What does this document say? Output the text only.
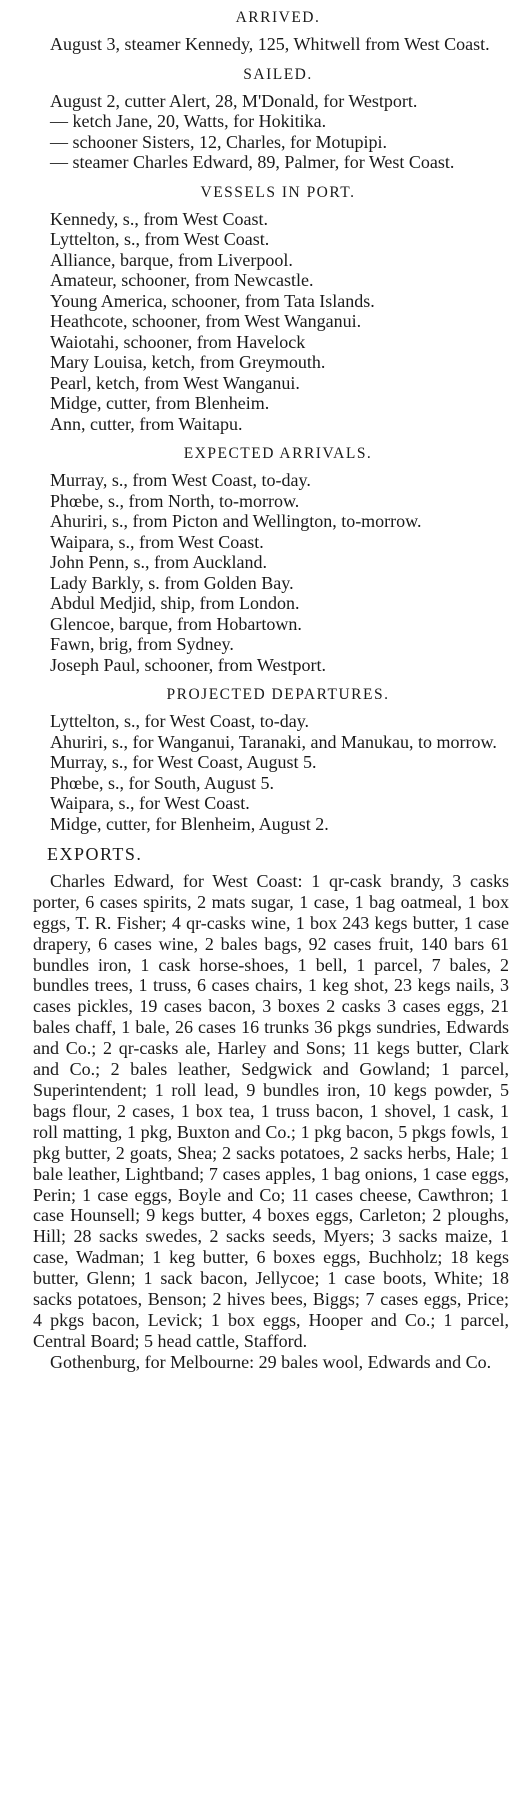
ARRIVED.

August 3, steamer Kennedy, 125, Whitwell from West Coast.

SAILED.

August 2, cutter Alert, 28, M'Donald, for Westport.

— ketch Jane, 20, Watts, for Hokitika.

— schooner Sisters, 12, Charles, for Motupipi.

— steamer Charles Edward, 89, Palmer, for West Coast.

VESSELS IN PORT.

Kennedy, s., from West Coast.

Lyttelton, s., from West Coast.

Alliance, barque, from Liverpool.

Amateur, schooner, from Newcastle.

Young America, schooner, from Tata Islands.

Heathcote, schooner, from West Wanganui.

Waiotahi, schooner, from Havelock

Mary Louisa, ketch, from Greymouth.

Pearl, ketch, from West Wanganui.

Midge, cutter, from Blenheim.

Ann, cutter, from Waitapu.

EXPECTED ARRIVALS.

Murray, s., from West Coast, to-day.

Phœbe, s., from North, to-morrow.

Ahuriri, s., from Picton and Wellington, to-morrow.

Waipara, s., from West Coast.

John Penn, s., from Auckland.

Lady Barkly, s. from Golden Bay.

Abdul Medjid, ship, from London.

Glencoe, barque, from Hobartown.

Fawn, brig, from Sydney.

Joseph Paul, schooner, from Westport.

PROJECTED DEPARTURES.

Lyttelton, s., for West Coast, to-day.

Ahuriri, s., for Wanganui, Taranaki, and Manukau, to morrow.

Murray, s., for West Coast, August 5.

Phœbe, s., for South, August 5.

Waipara, s., for West Coast.

Midge, cutter, for Blenheim, August 2.

EXPORTS.

Charles Edward, for West Coast: 1 qr-cask brandy, 3 casks porter, 6 cases spirits, 2 mats sugar, 1 case, 1 bag oatmeal, 1 box eggs, T. R. Fisher; 4 qr-casks wine, 1 box 243 kegs butter, 1 case drapery, 6 cases wine, 2 bales bags, 92 cases fruit, 140 bars 61 bundles iron, 1 cask horse-shoes, 1 bell, 1 parcel, 7 bales, 2 bundles trees, 1 truss, 6 cases chairs, 1 keg shot, 23 kegs nails, 3 cases pickles, 19 cases bacon, 3 boxes 2 casks 3 cases eggs, 21 bales chaff, 1 bale, 26 cases 16 trunks 36 pkgs sundries, Edwards and Co.; 2 qr-casks ale, Harley and Sons; 11 kegs butter, Clark and Co.; 2 bales leather, Sedgwick and Gowland; 1 parcel, Superintendent; 1 roll lead, 9 bundles iron, 10 kegs powder, 5 bags flour, 2 cases, 1 box tea, 1 truss bacon, 1 shovel, 1 cask, 1 roll matting, 1 pkg, Buxton and Co.; 1 pkg bacon, 5 pkgs fowls, 1 pkg butter, 2 goats, Shea; 2 sacks potatoes, 2 sacks herbs, Hale; 1 bale leather, Lightband; 7 cases apples, 1 bag onions, 1 case eggs, Perin; 1 case eggs, Boyle and Co; 11 cases cheese, Cawthron; 1 case Hounsell; 9 kegs butter, 4 boxes eggs, Carleton; 2 ploughs, Hill; 28 sacks swedes, 2 sacks seeds, Myers; 3 sacks maize, 1 case, Wadman; 1 keg butter, 6 boxes eggs, Buchholz; 18 kegs butter, Glenn; 1 sack bacon, Jellycoe; 1 case boots, White; 18 sacks potatoes, Benson; 2 hives bees, Biggs; 7 cases eggs, Price; 4 pkgs bacon, Levick; 1 box eggs, Hooper and Co.; 1 parcel, Central Board; 5 head cattle, Stafford.

Gothenburg, for Melbourne: 29 bales wool, Edwards and Co.
